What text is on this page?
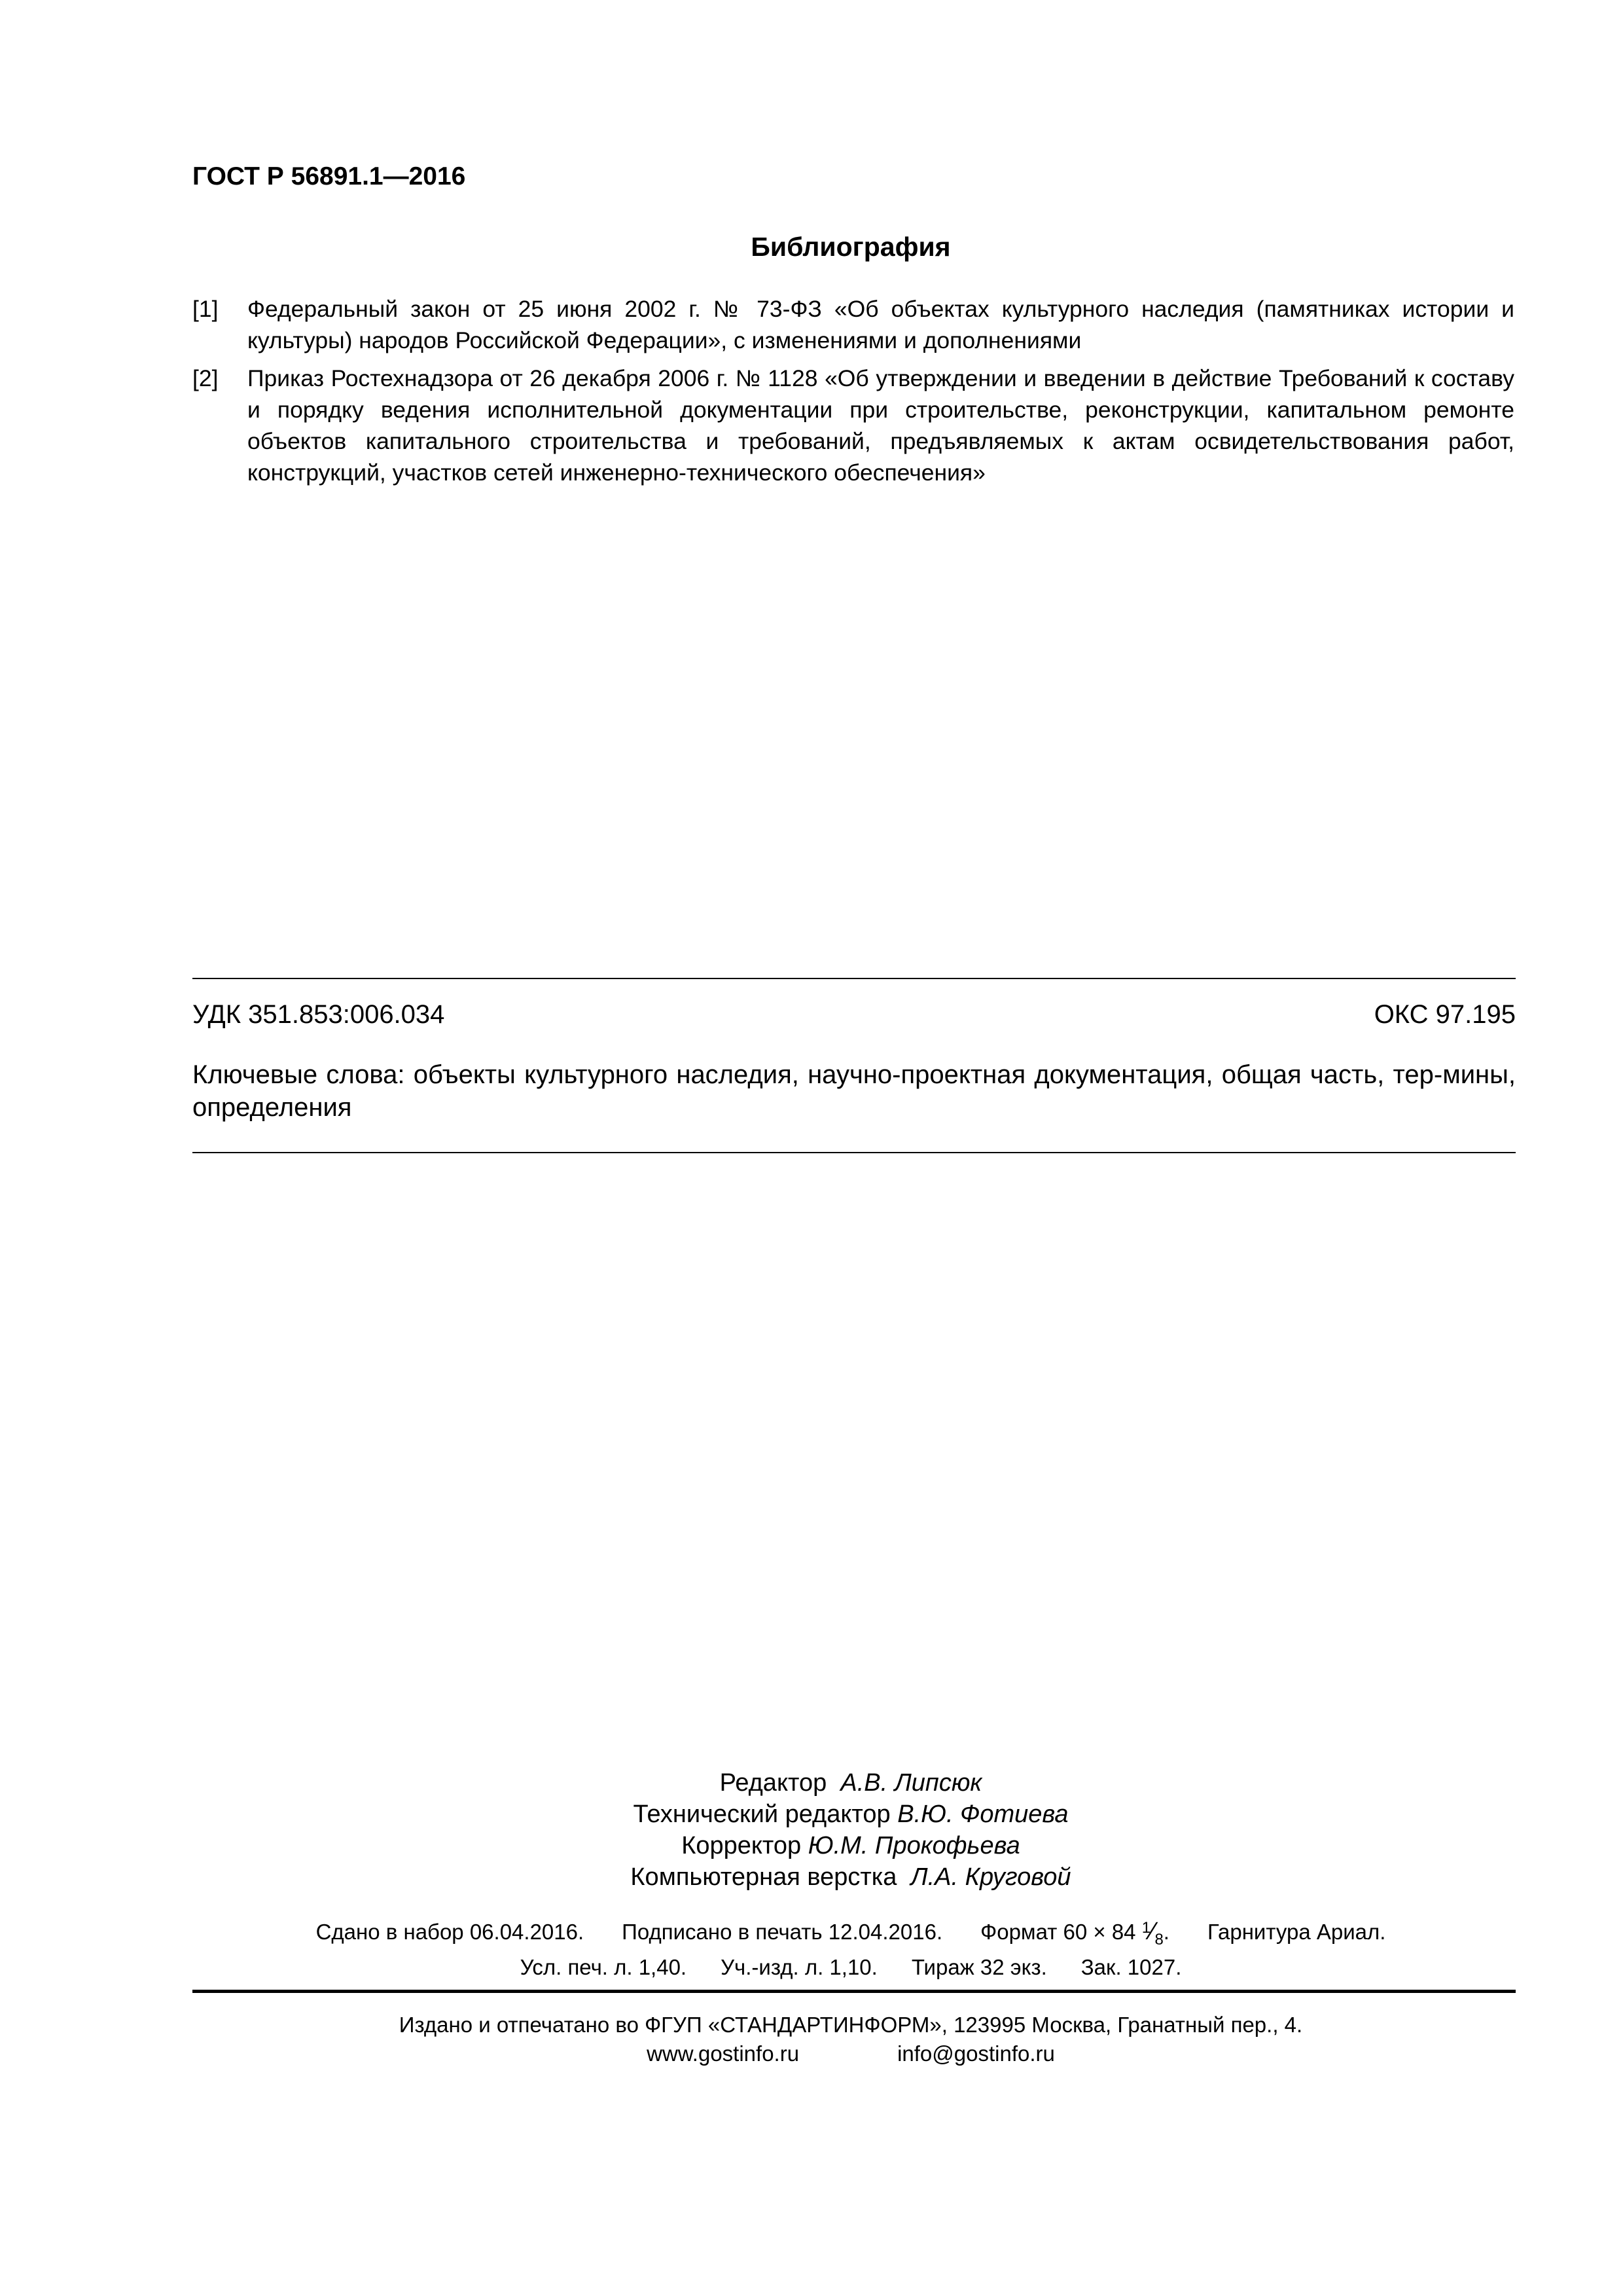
ГОСТ Р 56891.1—2016
Библиография
[1] Федеральный закон от 25 июня 2002 г. № 73-ФЗ «Об объектах культурного наследия (памятниках истории и культуры) народов Российской Федерации», с изменениями и дополнениями
[2] Приказ Ростехнадзора от 26 декабря 2006 г. № 1128 «Об утверждении и введении в действие Требований к составу и порядку ведения исполнительной документации при строительстве, реконструкции, капитальном ремонте объектов капитального строительства и требований, предъявляемых к актам освидетельствования работ, конструкций, участков сетей инженерно-технического обеспечения»
УДК 351.853:006.034	ОКС 97.195
Ключевые слова: объекты культурного наследия, научно-проектная документация, общая часть, тер-мины, определения
Редактор А.В. Липсюк
Технический редактор В.Ю. Фотиева
Корректор Ю.М. Прокофьева
Компьютерная верстка Л.А. Круговой
Сдано в набор 06.04.2016. Подписано в печать 12.04.2016. Формат 60 × 84 $^1⁄_8$. Гарнитура Ариал.
Усл. печ. л. 1,40. Уч.-изд. л. 1,10. Тираж 32 экз. Зак. 1027.
Издано и отпечатано во ФГУП «СТАНДАРТИНФОРМ», 123995 Москва, Гранатный пер., 4.
www.gostinfo.ru	info@gostinfo.ru
